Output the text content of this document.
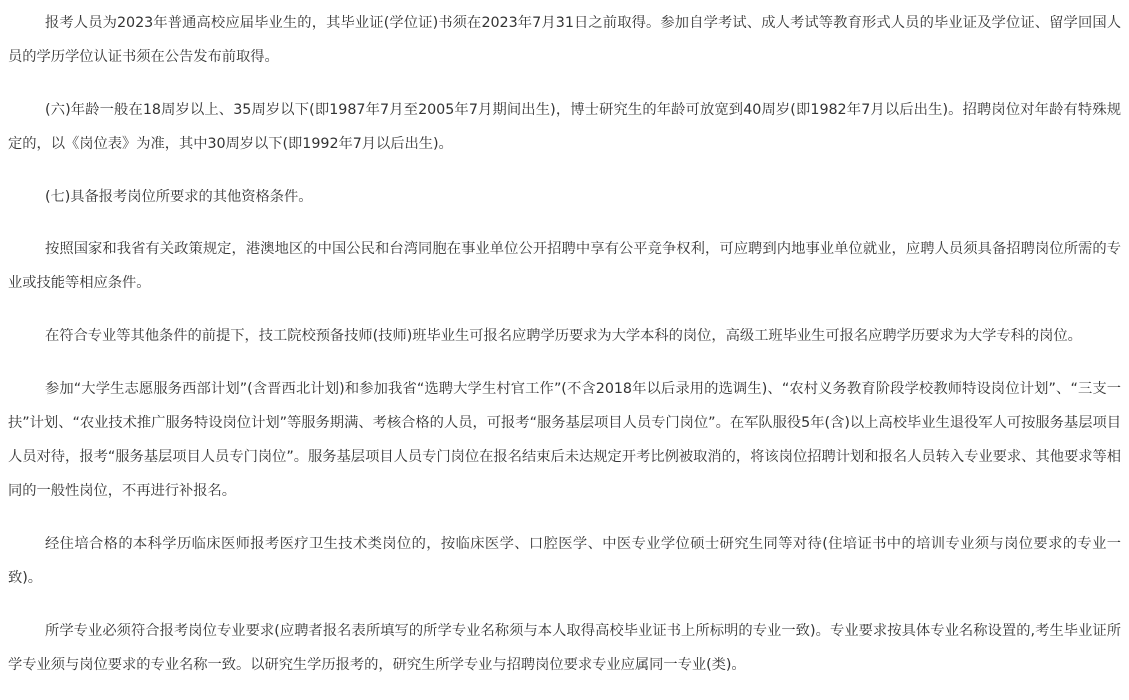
报考人员为2023年普通高校应届毕业生的，其毕业证(学位证)书须在2023年7月31日之前取得。参加自学考试、成人考试等教育形式人员的毕业证及学位证、留学回国人员的学历学位认证书须在公告发布前取得。

(六)年龄一般在18周岁以上、35周岁以下(即1987年7月至2005年7月期间出生)，博士研究生的年龄可放宽到40周岁(即1982年7月以后出生)。招聘岗位对年龄有特殊规定的，以《岗位表》为准，其中30周岁以下(即1992年7月以后出生)。

(七)具备报考岗位所要求的其他资格条件。

按照国家和我省有关政策规定，港澳地区的中国公民和台湾同胞在事业单位公开招聘中享有公平竞争权利，可应聘到内地事业单位就业，应聘人员须具备招聘岗位所需的专业或技能等相应条件。

在符合专业等其他条件的前提下，技工院校预备技师(技师)班毕业生可报名应聘学历要求为大学本科的岗位，高级工班毕业生可报名应聘学历要求为大学专科的岗位。

参加“大学生志愿服务西部计划”(含晋西北计划)和参加我省“选聘大学生村官工作”(不含2018年以后录用的选调生)、“农村义务教育阶段学校教师特设岗位计划”、“三支一扶”计划、“农业技术推广服务特设岗位计划”等服务期满、考核合格的人员，可报考“服务基层项目人员专门岗位”。在军队服役5年(含)以上高校毕业生退役军人可按服务基层项目人员对待，报考“服务基层项目人员专门岗位”。服务基层项目人员专门岗位在报名结束后未达规定开考比例被取消的，将该岗位招聘计划和报名人员转入专业要求、其他要求等相同的一般性岗位，不再进行补报名。

经住培合格的本科学历临床医师报考医疗卫生技术类岗位的，按临床医学、口腔医学、中医专业学位硕士研究生同等对待(住培证书中的培训专业须与岗位要求的专业一致)。

所学专业必须符合报考岗位专业要求(应聘者报名表所填写的所学专业名称须与本人取得高校毕业证书上所标明的专业一致)。专业要求按具体专业名称设置的,考生毕业证所学专业须与岗位要求的专业名称一致。以研究生学历报考的，研究生所学专业与招聘岗位要求专业应属同一专业(类)。
